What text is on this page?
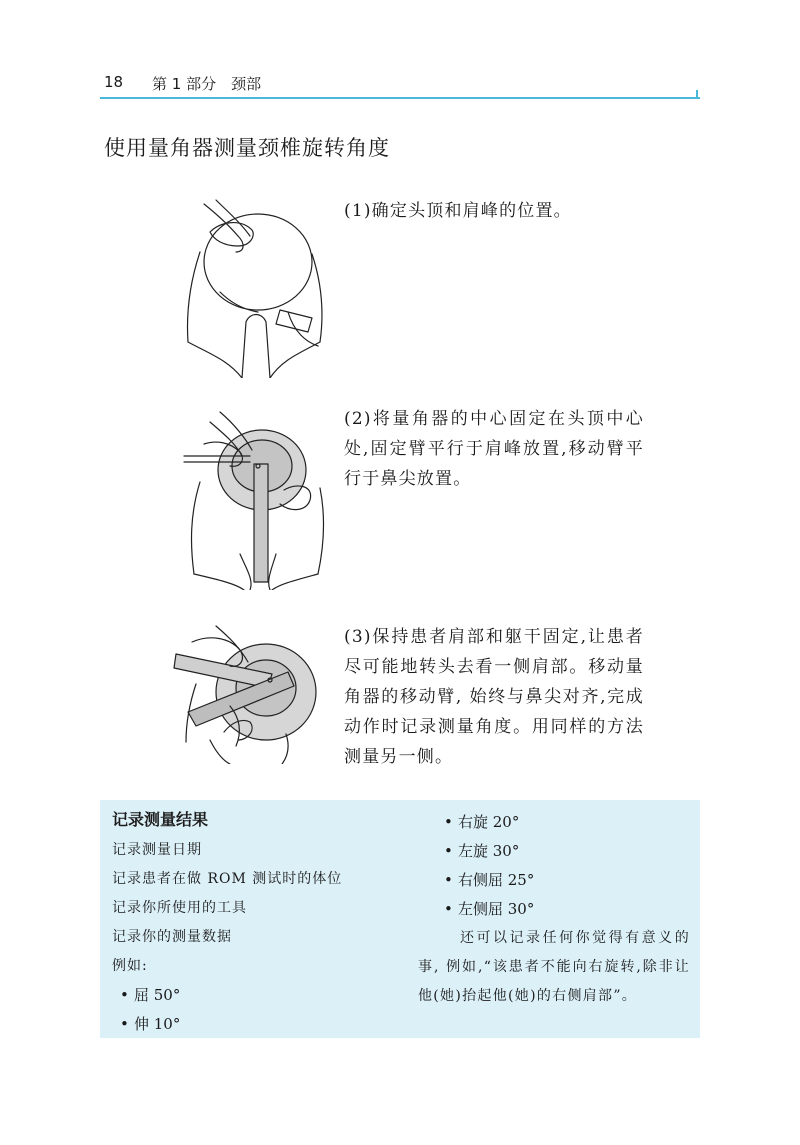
18 第 1 部分　颈部
使用量角器测量颈椎旋转角度
(1)确定头顶和肩峰的位置。
(2)将量角器的中心固定在头顶中心处,固定臂平行于肩峰放置,移动臂平行于鼻尖放置。
(3)保持患者肩部和躯干固定,让患者尽可能地转头去看一侧肩部。移动量角器的移动臂, 始终与鼻尖对齐,完成动作时记录测量角度。用同样的方法测量另一侧。
记录测量结果
记录测量日期
记录患者在做 ROM 测试时的体位
记录你所使用的工具
记录你的测量数据
例如:
• 屈 50°
• 伸 10°
• 右旋 20°
• 左旋 30°
• 右侧屈 25°
• 左侧屈 30°
还可以记录任何你觉得有意义的事, 例如,“该患者不能向右旋转,除非让他(她)抬起他(她)的右侧肩部”。
